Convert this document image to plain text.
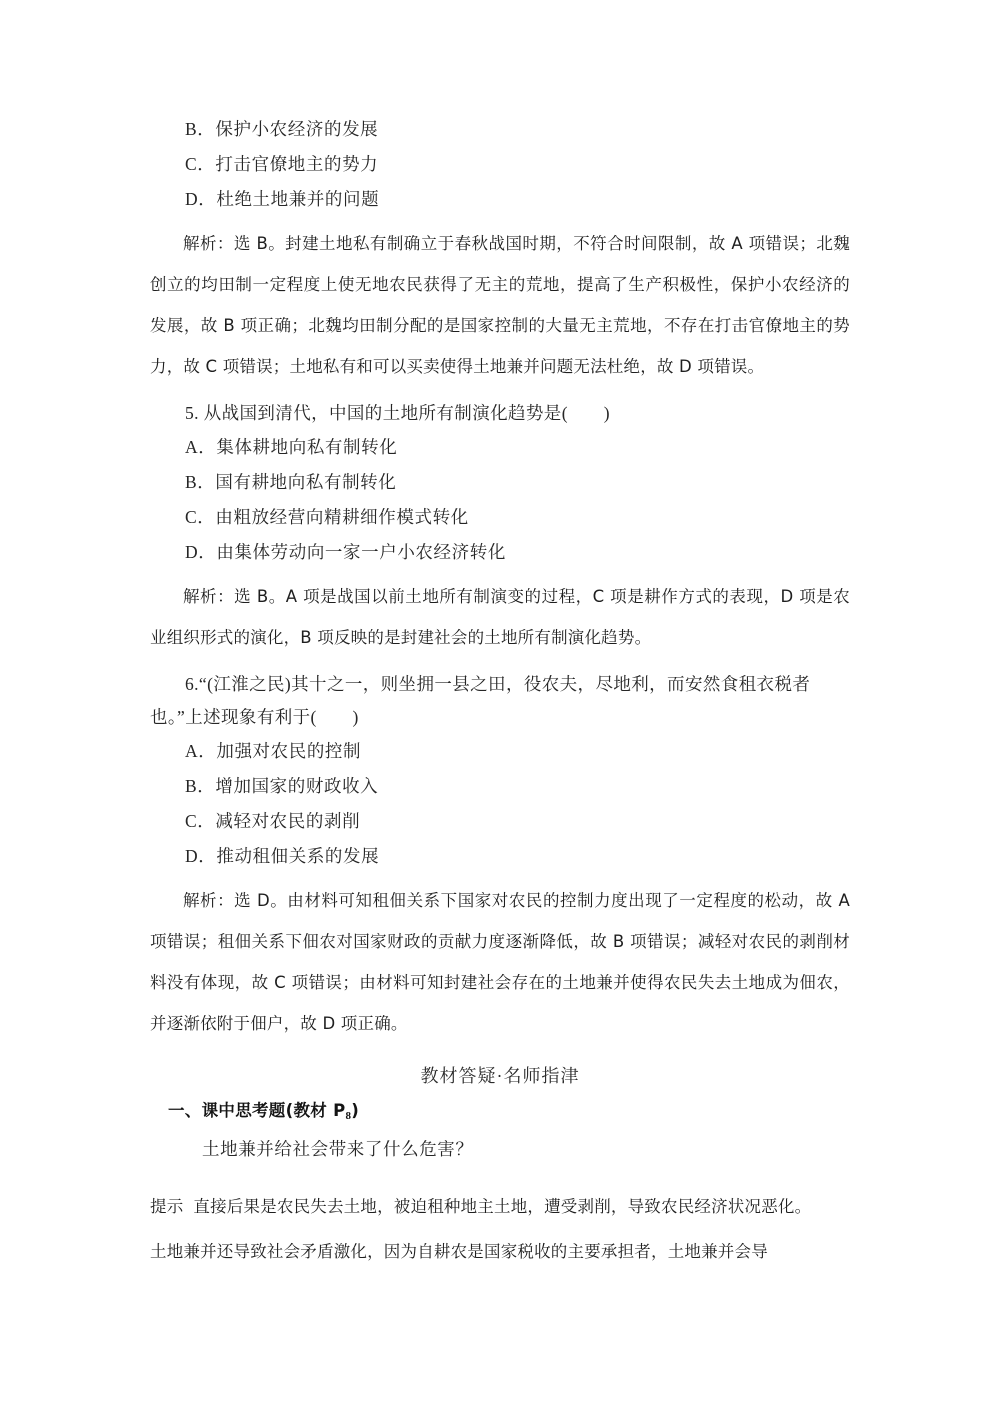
B．保护小农经济的发展
C．打击官僚地主的势力
D．杜绝土地兼并的问题
解析：选 B。封建土地私有制确立于春秋战国时期，不符合时间限制，故 A 项错误；北魏创立的均田制一定程度上使无地农民获得了无主的荒地，提高了生产积极性，保护小农经济的发展，故 B 项正确；北魏均田制分配的是国家控制的大量无主荒地，不存在打击官僚地主的势力，故 C 项错误；土地私有和可以买卖使得土地兼并问题无法杜绝，故 D 项错误。
5. 从战国到清代，中国的土地所有制演化趋势是(　　)
A．集体耕地向私有制转化
B．国有耕地向私有制转化
C．由粗放经营向精耕细作模式转化
D．由集体劳动向一家一户小农经济转化
解析：选 B。A 项是战国以前土地所有制演变的过程，C 项是耕作方式的表现，D 项是农业组织形式的演化，B 项反映的是封建社会的土地所有制演化趋势。
6.“(江淮之民)其十之一，则坐拥一县之田，役农夫，尽地利，而安然食租衣税者也。”上述现象有利于(　　)
A．加强对农民的控制
B．增加国家的财政收入
C．减轻对农民的剥削
D．推动租佃关系的发展
解析：选 D。由材料可知租佃关系下国家对农民的控制力度出现了一定程度的松动，故 A 项错误；租佃关系下佃农对国家财政的贡献力度逐渐降低，故 B 项错误；减轻对农民的剥削材料没有体现，故 C 项错误；由材料可知封建社会存在的土地兼并使得农民失去土地成为佃农，并逐渐依附于佃户，故 D 项正确。
教材答疑·名师指津
一、课中思考题(教材 $P_8$)
土地兼并给社会带来了什么危害？
提示 直接后果是农民失去土地，被迫租种地主土地，遭受剥削，导致农民经济状况恶化。
土地兼并还导致社会矛盾激化，因为自耕农是国家税收的主要承担者，土地兼并会导
